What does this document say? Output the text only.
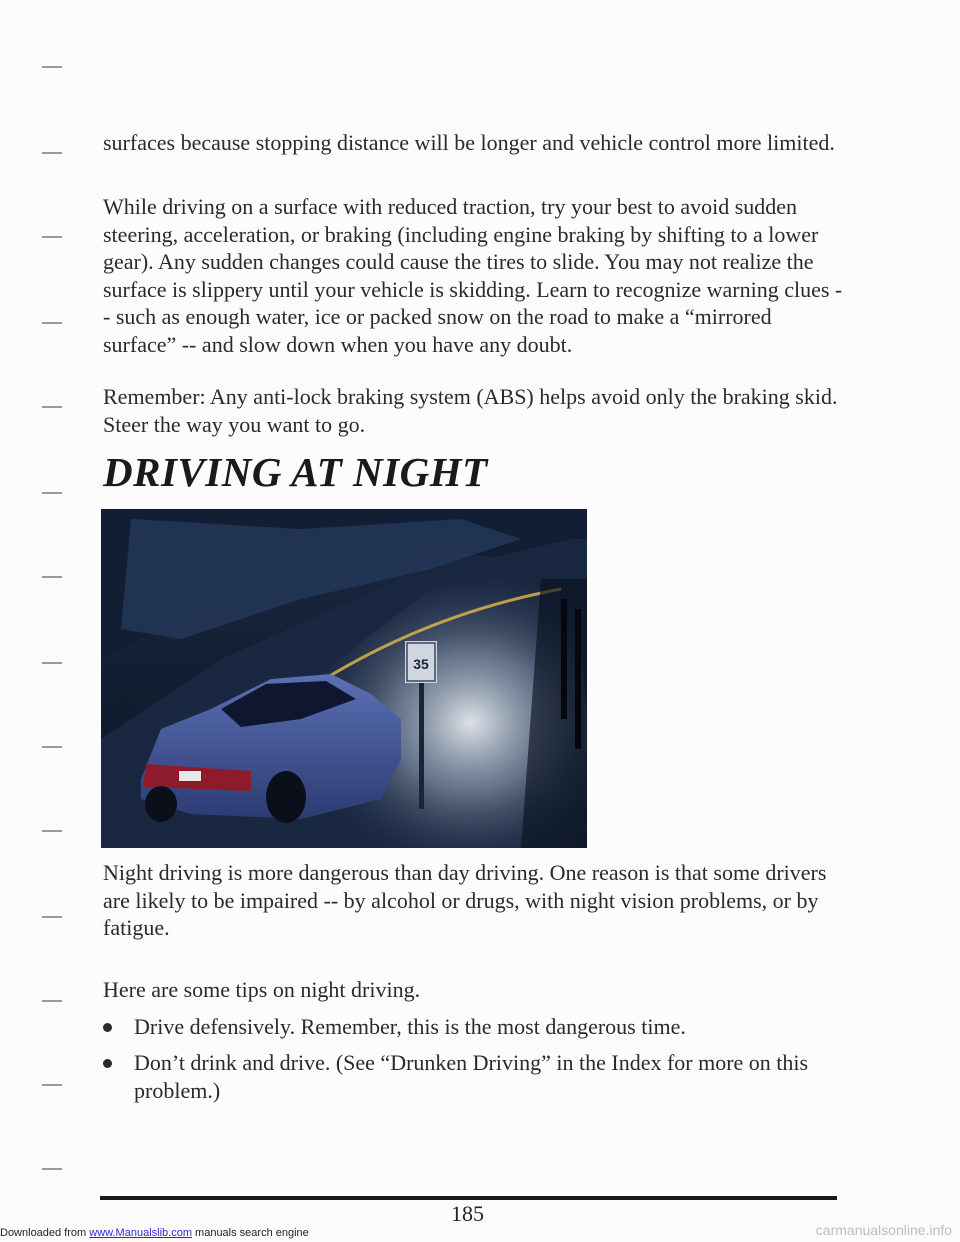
surfaces because stopping distance will be longer and vehicle control more limited.

While driving on a surface with reduced traction, try your best to avoid sudden steering, acceleration, or braking (including engine braking by shifting to a lower gear). Any sudden changes could cause the tires to slide. You may not realize the surface is slippery until your vehicle is skidding. Learn to recognize warning clues -- such as enough water, ice or packed snow on the road to make a “mirrored surface” -- and slow down when you have any doubt.

Remember: Any anti-lock braking system (ABS) helps avoid only the braking skid. Steer the way you want to go.

DRIVING AT NIGHT
35

Night driving is more dangerous than day driving. One reason is that some drivers are likely to be impaired -- by alcohol or drugs, with night vision problems, or by fatigue.

Here are some tips on night driving.

Drive defensively. Remember, this is the most dangerous time.
Don’t drink and drive. (See “Drunken Driving” in the Index for more on this problem.)
185
Downloaded from www.Manualslib.com manuals search engine	carmanualsonline.info
